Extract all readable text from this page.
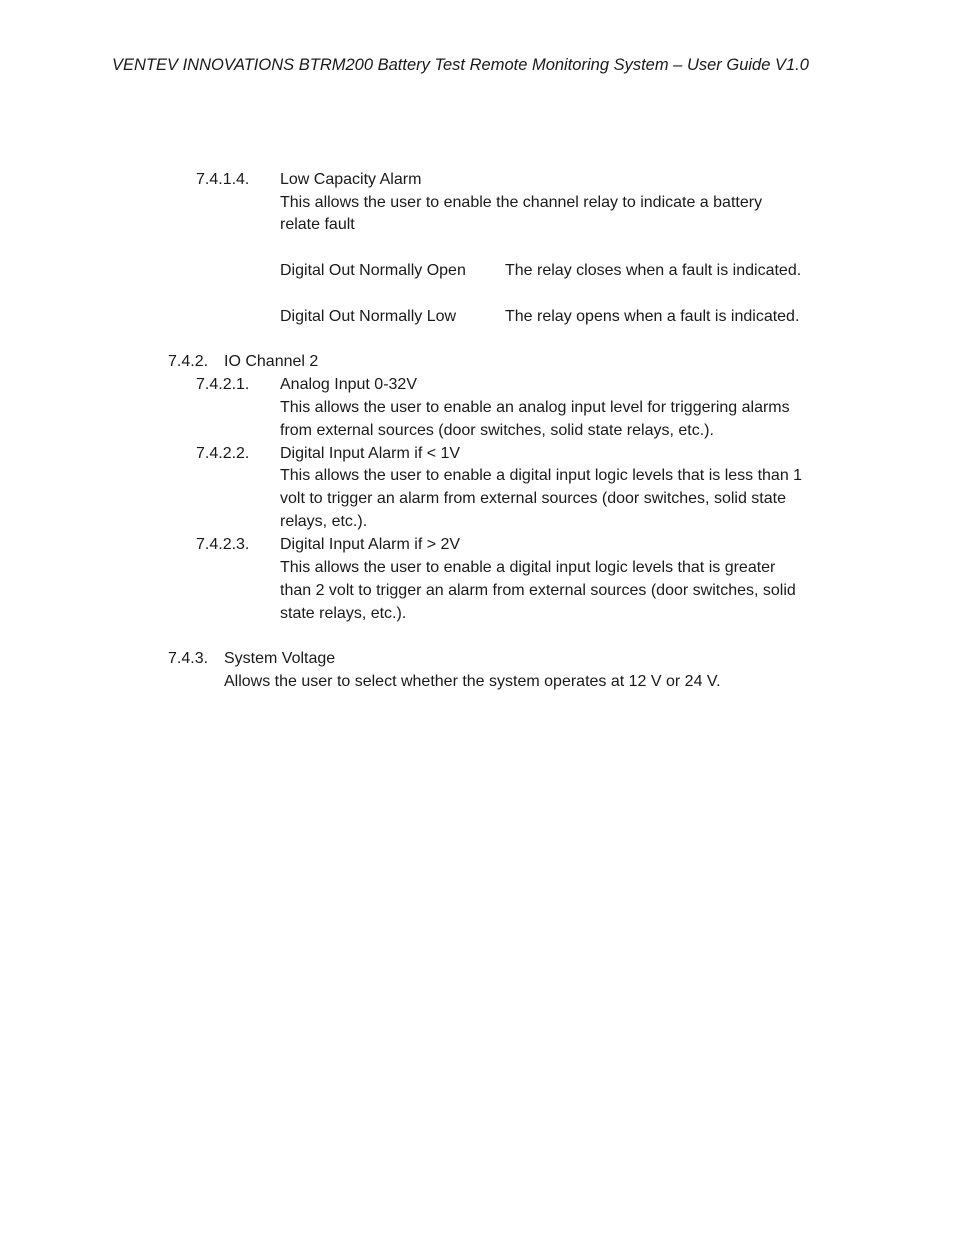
VENTEV INNOVATIONS BTRM200 Battery Test Remote Monitoring System – User Guide V1.0
7.4.1.4. Low Capacity Alarm
This allows the user to enable the channel relay to indicate a battery
relate fault
Digital Out Normally Open The relay closes when a fault is indicated.
Digital Out Normally Low	The relay opens when a fault is indicated.
7.4.2. IO Channel 2
7.4.2.1. Analog Input 0-32V
This allows the user to enable an analog input level for triggering alarms
from external sources (door switches, solid state relays, etc.).
7.4.2.2. Digital Input Alarm if < 1V
This allows the user to enable a digital input logic levels that is less than 1
volt to trigger an alarm from external sources (door switches, solid state
relays, etc.).
7.4.2.3. Digital Input Alarm if > 2V
This allows the user to enable a digital input logic levels that is greater
than 2 volt to trigger an alarm from external sources (door switches, solid
state relays, etc.).
7.4.3. System Voltage
Allows the user to select whether the system operates at 12 V or 24 V.
